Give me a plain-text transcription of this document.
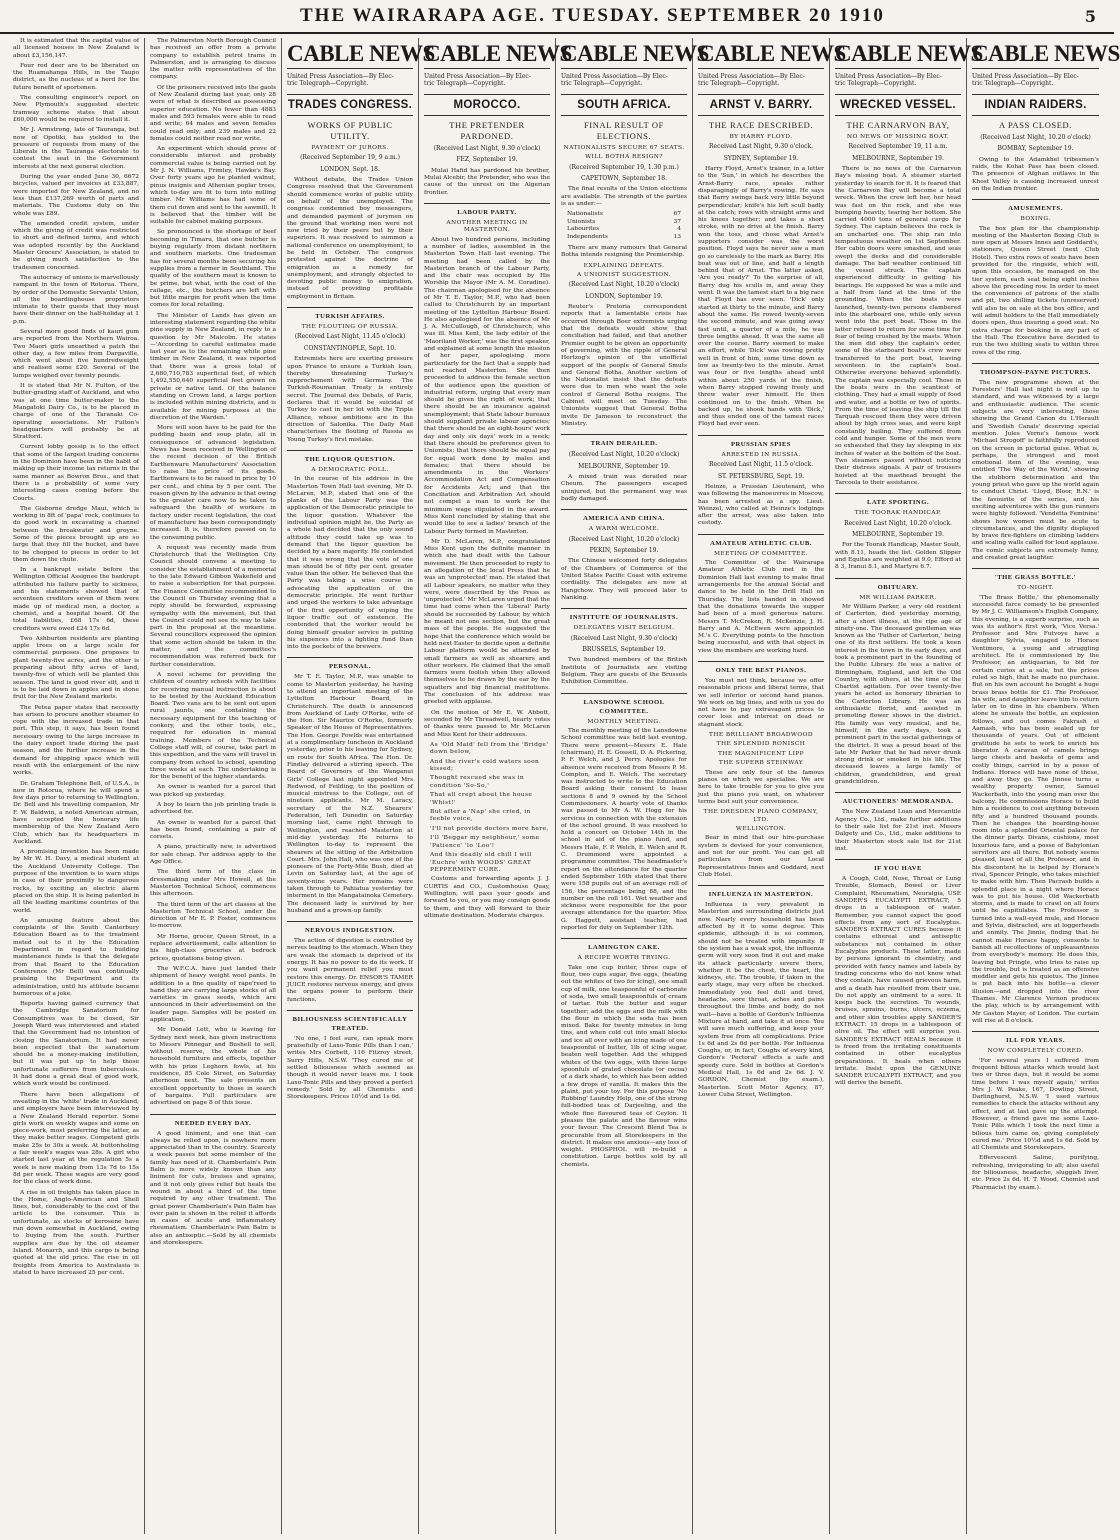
THE WAIRARAPA AGE. TUESDAY. SEPTEMBER 20 1910	5

It is estimated that the capital value of all licensed houses in New Zealand is about £3,156,147.

Four red deer are to be liberated on the Ruamahanga Hills, in the Taupo district, as the nucleus of a herd for the future benefit of sportsmen.

The consulting engineer's report on New Plymouth's suggested electric tramway scheme states that about £60,000 would be required to install it.

Mr J. Armstrong, late of Tauranga, but now of Opotiki, has yielded to the pressure of requests from many of the Liberals in the Tauranga electorate to contest the seat in the Government interests at the next general election.

During the year ended June 30, 6672 bicycles, valued per invoices at £33,887, were imported for New Zealand, and no less than £137,269 worth of parts and materials. The Customs duty on the whole was £89.

The amended credit system, under which the giving of credit was restricted to short and defined terms, and which was adopted recently by the Auckland Master Grocers' Association, is stated to be giving much satisfaction to the tradesmen concerned.

The autocracy of unions is marvellously rampant in the town of Rotorua. There, by order of the Domestic Servants' Union, all the boardinghouse proprietors intimate to their guests that they must have their dinner on the half-holiday at 1 p.m.

Several more good finds of kauri gum are reported from the Northern Wairoa. Two Maori girls unearthed a patch the other day, a few miles from Dargaville, which went about five hundredweight and realised some £20. Several of the lumps weighed over twenty pounds.

It is stated that Mr N. Fulton, of the butter-grading staff of Auckland, and who was at one time butter-maker to the Mangatoki Dairy Co., is to be placed in charge of one of the Taranaki Co-operating associations. Mr Fulton's headquarters will probably be at Stratford.

Current lobby gossip is to the effect that some of the largest trading concerns in the Dominion have been in the habit of making up their income tax returns in the same manner as Bowron Bros., and that there is a probability of some very interesting cases coming before the Courts.

The Gisborne dredge Maui, which is working in 8ft of 'papa' rock, continues to do good work in excavating a channel between the breakwater and groyne. Some of the pieces brought up are so large that they fill the bucket, and have to be chopped to pieces in order to let them down the chute.

In a bankrupt estate before the Wellington Official Assignee the bankrupt attributed his failure partly to sickness, and his statements showed that of seventeen creditors seven of them were made up of medical men, a doctor, a chemist, and a hospital board. Of the total liabilities, £68 17s 6d, these creditors were owed £24 17s 6d.

Two Ashburton residents are planting apple trees on a large scale for commercial purposes. One proposes to plant twenty-five acres, and the other is preparing about fifty acres of land, twenty-five of which will be planted this season. The land is good river silt, and it is to be laid down in apples and in stone fruit for the New Zealand markets.

The Petea paper states that necessity has arisen to procure another steamer to cope with the increased trade in that port. This step, it says, has been found necessary owing to the large increase in the dairy export trade during the past season, and the further increase in the demand for shipping space which will result with the enlargement of the new works.

Dr. Graham Telephone Bell, of U.S.A., is now in Rotorua, where he will spend a few days prior to returning to Wellington. Dr. Bell and his travelling companion, Mr F. W. Baldwin, a noted American airman, have accepted the honorary life membership of the New Zealand Aero Club, which has its headquarters in Auckland.

A promising invention has been made by Mr W. H. Davy, a medical student at the Auckland University College. The purpose of the invention is to warn ships in case of their proximity to dangerous rocks, by exciting an electric alarm placed on the ship. It is being patented in all the leading maritime countries of the world.

An amusing feature about the complaints of the South Canterbury Education Board as to the treatment meted out to it by the Education Department in regard to building maintenance funds is that the delegate from that Board to the Education Conference (Mr Bell) was continually praising the Department and its administration, until his attitude became humorous of a joke.

Reports having gained currency that the Cambridge Sanatorium for Consumptives was to be closed, Sir Joseph Ward was interviewed and stated that the Government had no intention of closing the Sanatorium. It had never been expected that the sanatorium should be a money-making institution, but it was put up to help those unfortunate sufferers from tuberculosis. It had done a great deal of good work, which work would be continued.

There have been allegations of sweating in the 'white' trade in Auckland, and employers have been interviewed by a New Zealand Herald reporter. Some girls work on weekly wages and some on piece-work, most preferring the latter, as they make better wages. Competent girls make 25s to 30s a week. At buttonholing a fair week's wages was 28s. A girl who started last year at the regulation 5s a week is now making from 13s 7d to 15s 8d per week. These wages are very good for the class of work done.

A rise in oil freights has taken place in the Home, Anglo-American and Shell lines, but, considerably to the cost of the article to the consumer. This is unfortunate, as stocks of kerosene have run down somewhat in Auckland, owing to buying from the south. Further supplies are due by the oil steamer Island. Monarch, and this cargo is being quoted at the old price. The rise in oil freights from America to Australasia is stated to have increased 25 per cent.

The Palmerston North Borough Council has received an offer from a private company to establish petrol trams in Palmerston, and is arranging to discuss the matter with representatives of the company.

Of the prisoners received into the gaols of New Zealand during last year, only 28 were of what is described as possessing superior education. No fewer than 4883 males and 593 females were able to read and write; 64 males and seven females could read only; and 239 males and 22 females could neither read nor write.

An experiment which should prove of considerable interest and probably commercial value is being carried out by Mr J. N. Williams, Frimley, Hawke's Bay. Over forty years ago he planted walnut, pinus insignis and Athenian poplar trees, which to-day are fit to turn into milling timber. Mr Williams has had some of them cut down and sent to the sawmill. It is believed that the timber will be suitable for cabinet making purposes.

So pronounced is the shortage of beef becoming in Timaru, that one butcher is buying regularly from distant northern and southern markets. One tradesman has for several months been securing his supplies from a farmer in Southland. The quality of the southern meat is known to be prime, but what, with the cost of the railage, etc., the butchers are left with but little margin for profit when the time comes for local retailing.

The Minister of Lands has given an interesting statement regarding the white pine supply in New Zealand, in reply to a question by Mr Malcolm. He states—'According to careful estimates made last year as to the remaining white pine timber in New Zealand, it was reported that there was a gross total of 2,680,710,783 superficial feet, of which 1,492,550,640 superficial feet grown on private or native land. Of the balance standing on Crown land, a large portion is included within mining districts, and is available for mining purposes at the discretion of the Warden.'

More will soon have to be paid for the pudding basin and soup plate, all in consequence of advanced legislation. News has been received in Wellington of the recent decision of the British Earthenware Manufacturers' Association to raise the price of its goods. Earthenware is to be raised in price by 10 per cent., and china by 5 per cent. The reason given by the advance is that owing to the greater care now to be taken to safeguard the health of workers in factory under recent legislation, the cost of manufacture has been correspondingly increased. It is, therefore passed on to the consuming public.

A request was recently made from Christchurch that the Wellington City Council should convene a meeting to consider the establishment of a memorial to the late Edward Gibbon Wakefield and to raise a subscription for that purpose. The Finance Committee recommended to the Council on Thursday evening that a reply should be forwarded, expressing sympathy with the movement, but that the Council could not see its way to take part in the proposal at the meantime. Several councillors expressed the opinion that some action should be taken in the matter, and the committee's recommendation was referred back for further consideration.

A novel scheme for providing the children of country schools with facilities for receiving manual instruction is about to be tested by the Auckland Education Board. Two vans are to be sent out upon rural jaunts, one containing the necessary equipment for the teaching of cookery, and the other tools, etc., required for education in manual training. Members of the Technical College staff will, of course, take part in this expedition, and the vans will travel in company from school to school, spending three weeks at each. The undertaking is for the benefit of the higher standards.

An owner is wanted for a parcel that was picked up yesterday.

A boy to learn the job printing trade is advertised for.

An owner is wanted for a parcel that has been found, containing a pair of corsets.

A piano, practically new, is advertised for sale cheap. For address apply to the Age Office.

The third term of the class in dressmaking under Mrs Howell, at the Masterton Technical School, commences this afternoon.

The third term of the art classes at the Masterton Technical School, under the direction of Mr E. P. Foster, commences to-morrow.

Mr Horne, grocer, Queen Street, in a replace advertisement, calls attention to his high-class groceries at bedrock prices, quotations being given.

The W.F.C.A. have just landed their shipment of heavy weight wool pants. In addition to a fine quality of rape'reed to hand they are carrying large stocks of all varieties in grass seeds, which are announced in their advertisement on the leader page. Samples will be posted on application.

Mr Donald Lett, who is leaving for Sydney next week, has given instructions to Messrs Pinnegar and Bushell to sell, without reserve, the whole of his household furniture and effects, together with his prize Leghorn fowls, at his residence, 85 Cole Street, on Saturday afternoon next. The sale presents an excellent opportunity to those in search of bargains. Full particulars are advertised on page 8 of this issue.

NEEDED EVERY DAY.

A good liniment, and one that can always be relied upon, is nowhere more appreciated than in the country. Scarcely a week passes but some member of the family has need of it. Chamberlain's Pain Balm is more widely known than any liniment for cuts, bruises and sprains, and it not only gives relief but heals the wound in about a third of the time required by any other treatment. The great power Chamberlain's Pain Balm has over pain is shown in the relief it affords in cases of acute and inflammatory rheumatism. Chamberlain's Pain Balm is also an antiseptic.—Sold by all chemists and storekeepers.

CABLE NEWS

United Press Association—By Elec-

tric Telegraph—Copyright.

TRADES CONGRESS.
WORKS OF PUBLIC UTILITY.
PAYMENT OF JURORS.
(Received September 19, 9 a.m.)
LONDON, Sept. 18.

Without debate, the Trades Union Congress resolved that the Government should commence works of public utility on behalf of the unemployed. The congress condemned boy messengers, and demanded payment of jurymen on the ground that working men were not now tried by their peers but by their superiors. It was resolved to summon a national conference on unemployment, to be held in October. The congress protested against the doctrine of emigration as a remedy for unemployment, and strongly objected to devoting public money to emigration, instead of providing profitable employment in Britain.

TURKISH AFFAIRS.
THE FLOUTING OF RUSSIA.
(Received Last Night, 11.45 o'clock)
CONSTANTINOPLE, Sept. 10.

Extremists here are exerting pressure upon France to ensure a Turkish loan, thereby threatening Turkey's rapprochement with Germany. The Turkish-Roumanian Treaty is entirely secret. The Journal des Debats, of Paris, declares that it would be suicidal of Turkey to cast in her lot with the Triple Alliance, whose ambitions are in the direction of Salonika. The Daily Mail characterises the flouting of Russia as Young Turkey's first mistake.

THE LIQUOR QUESTION.
A DEMOCRATIC POLL.

In the course of his address in the Masterton Town Hall last evening, Mr D. McLaren, M.P., stated that one of the planks of the Labour Party was the application of the Democratic principle to the liquor question. Whatever the individual opinion might be, the Party as a whole had decided that the only sound attitude they could take up was to demand that the liquor question be decided by a bare majority. He contended that it was wrong that the vote of one man should be of fifty per cent. greater value than the other. He believed that the Party was taking a wise course in advocating the application of the democratic principle. He went further and urged the workers to take advantage of the first opportunity of wiping the liquor traffic out of existence. He contended that the worker would be doing himself greater service in putting his sixpences into a fighting fund than into the pockets of the brewers.

PERSONAL.

Mr T. E. Taylor, M.P., was unable to come to Masterton yesterday, he having to attend an important meeting of the Lyttelton Harbour Board, in Christchurch. The death is announced from Auckland of Lady O'Rorke, wife of the Hon. Sir Maurice O'Rorke, formerly Speaker of the House of Representatives. The Hon. George Fowlds was entertained at a complimentary luncheon in Auckland yesterday, prior to his leaving for Sydney, en route for South Africa. The Hon. Dr. Findlay delivered a stirring speech. The Board of Governors of the Wanganui Girls' College last night appointed Mrs Redwood, of Feilding, to the position of musical mistress to the College, out of nineteen applicants. Mr M. Laracy, secretary of the N.Z. Shearers' Federation, left Dunedin on Saturday morning last, came right through to Wellington, and reached Masterton at mid-day yesterday. He returns to Wellington to-day to represent the shearers at the sitting of the Arbitration Court. Mrs. John Hall, who was one of the pioneers of the Forty-Mile Bush, died at Levin on Saturday last, at the age of seventy-nine years. Her remains were taken through to Pahiatua yesterday for interment in the Mangatainoka Cemetery. The deceased lady is survived by her husband and a grown-up family.

NERVOUS INDIGESTION.

The action of digestion is controlled by nerves leading to the stomach. When they are weak the stomach is deprived of its energy. It has no power to do its work. If you want permanent relief you must restore this energy. Dr. ENSOR'S TAMER JUICE restores nervous energy, and gives the organs power to perform their functions.

BILIOUSNESS SCIENTIFICALLY TREATED.

'No one, I feel sure, can speak more praisefully of Laxo-Tonic Pills than I can,' writes Mrs Corbett, 116 Fitzroy street, Surry Hills, N.S.W. 'They cured me of settled biliousness which seemed as though it would never leave me. I took Laxo-Tonic Pills and they proved a perfect remedy.' Sold by all Chemists and Storekeepers. Prices 10½d and 1s 6d.

CABLE NEWS

United Press Association—By Elec-

tric Telegraph—Copyright.

MOROCCO.
THE PRETENDER PARDONED.
(Received Last Night, 9.30 o'clock)
FEZ, September 19.

Mulai Hafid has pardoned his brother, Mulai Alcebir, the Pretender, who was the cause of the unrest on the Algerian frontier.

LABOUR PARTY.
ANOTHER MEETING IN MASTERTON.

About two hundred persons, including a number of ladies, assembled in the Masterton Town Hall last evening. The meeting had been called by the Masterton branch of the Labour Party, and the chair was occupied by His Worship the Mayor (Mr A. M. Coradine). The chairman apologised for the absence of Mr T. E. Taylor, M.P., who had been called to Christchurch by an important meeting of the Lyttelton Harbour Board. He also apologised for the absence of Mr J. A. McCullough, of Christchurch, who was ill. Miss Kent, the lady editor of the 'Maoriland Worker,' was the first speaker, and explained at some length the mission of her paper, apologising more particularly for the fact that a supply had not reached Masterton. She then proceeded to address the female section of the audience upon the question of industrial reform, urging that every man should be given the right of work; that there should be an insurance against unemployment; that State labour bureaux should supplant private labour agencies; that there should be an eight-hours' work day and only six days' work in a week; that there should be preference given to Unionists; that there should be equal pay for equal work done by males and females; that there should be amendments in the Workers' Accommodation Act and Compensation for Accidents Act; and that the Conciliation and Arbitration Act should not compel a man to work for the minimum wage stipulated in the award. Miss Kent concluded by stating that she would like to see a ladies' branch of the Labour Party formed in Masterton.

Mr D. McLaren, M.P., congratulated Miss Kent upon the definite manner in which she had dealt with the Labour movement. He then proceeded to reply to an allegation of the local Press that he was an 'unprotected' man. He stated that all Labour speakers, no matter who they were, were described by the Press as 'unprotected.' Mr McLaren urged that the time had come when the 'Liberal' Party should be succeeded by Labour, by which he meant not one section, but the great mass of the people. He suggested the hope that the conference which would be held next Easter to decide upon a definite Labour platform would be attended by small farmers as well as shearers and other workers. He claimed that the small farmers were foolish when they allowed themselves to be drawn by the ear by the squatters and big financial institutions. The conclusion of his address was greeted with applause.

On the motion of Mr E. W. Abbott, seconded by Mr Threadwell, hearty votes of thanks were passed to Mr McLaren and Miss Kent for their addresses.

As 'Old Maid' fell from the 'Bridge' down below,
And the river's cold waters soon kissed;
Thought rescued she was in condition 'So-So,'
That all crept about the house 'Whist!'
But after a 'Nap' she cried, in feeble voice,
'I'll not provide doctors more here,
I'll 'Beggar my neighbour,' some 'Patience' 'lo 'Loo'!
And this deadly old chill I will 'Euchre' with WOODS' GREAT PEPPERMINT CURE.

Customs and forwarding agents J. J. CURTIS and CO., Customhouse Quay, Wellington, will pass your goods and forward to you, or you may consign goods to them, and they will forward to their ultimate destination. Moderate charges.

CABLE NEWS

United Press Association—By Elec-

tric Telegraph—Copyright.

SOUTH AFRICA.
FINAL RESULT OF ELECTIONS.
NATIONALISTS SECURE 67 SEATS.
WILL BOTHA RESIGN?
(Received September 19, 1.30 p.m.)
CAPETOWN, September 18.

The final results of the Union elections are available. The strength of the parties is as under:—

Nationalists	67
Unionists	37
Labourites	4
Independents	13

There are many rumours that General Botha intends resigning the Premiership.

EXPLAINING DEFEATS.
A UNIONIST SUGGESTION.
(Received Last Night, 10.20 o'clock)
LONDON, September 19.

Reuter's Pretoria correspondent reports that a lamentable crisis has occurred through Boer extremists urging that the defeats would show that conciliation had failed, and that another Premier ought to be given an opportunity of governing, with the ripple of General Hertzog's opinion of the unofficial support of the people of General Smuts and General Botha. Another section of the Nationalist insist that the defeats were due to men who want the sole control if General Botha resigns. The Cabinet will meet on Tuesday. The Unionists suggest that General Botha invite Dr Jameson to reconstruct the Ministry.

TRAIN DERAILED.
(Received Last Night, 10.20 o'clock)
MELBOURNE, September 19.

A mixed train was derailed near Cheum. The passengers escaped uninjured, but the permanent way was badly damaged.

AMERICA AND CHINA.
A WARM WELCOME.
(Received Last Night, 10.20 o'clock)
PEKIN, September 19.

The Chinese welcomed forty delegates of the Chambers of Commerce of the United States Pacific Coast with extreme cordiality. The delegates are now at Hangchow. They will proceed later to Nanking.

INSTITUTE OF JOURNALISTS.
DELEGATES VISIT BELGIUM.
(Received Last Night, 9.30 o'clock)
BRUSSELS, September 19.

Two hundred members of the British Institute of Journalists are visiting Belgium. They are guests of the Brussels Exhibition Committee.

LANSDOWNE SCHOOL COMMITTEE.
MONTHLY MEETING.

The monthly meeting of the Lansdowne School committee was held last evening. There were present—Messrs E. Hale (chairman), H. E. Gossell, D. A. Pickering, P. F. Welch, and J. Perry. Apologies for absence were received from Messrs P. M. Compton, and E. Welch. The secretary was instructed to write to the Education Board asking their consent to lease sections 8 and 9 owned by the School Commissioners. A hearty vote of thanks was passed to Mr A. W. Hogg for his services in connection with the extension of the school ground. It was resolved to hold a concert on October 14th in the school in aid of the piano fund, and Messrs Hale, F. P. Welch, E. Welch and R. C. Drummond were appointed a programme committee. The headmaster's report on the attendance for the quarter ended September 16th stated that there were 158 pupils out of an average roll of 156, the percentage being 88, and the number on the roll 161. Wet weather and sickness were responsible for the poor average attendance for the quarter. Miss G. Haggett, assistant teacher, had reported for duty on September 12th.

LAMINGTON CAKE.
A RECIPE WORTH TRYING.

Take one cup butter, three cups of flour, two cups sugar, five eggs, (beating out the whites of two for icing), one small cup of milk, one teaspoonful of carbonate of soda, two small teaspoonfuls of cream of tartar. Rub the butter and sugar together; add the eggs and the milk with the flour in which the soda has been mixed. Bake for twenty minutes in long tins, and when cold cut into small blocks and ice all over with an icing made of one teaspoonful of butter, 1lb of icing sugar, beaten well together. Add the whipped whites of the two eggs, with three large spoonfuls of grated chocolate (or cocoa) of a dark shade, to which has been added a few drops of vanilla. It makes this the plaint, put your toy. For this purpose 'No Rubbing' Laundry Help, one of the strong full-bodied teas of Darjeeling, and the whole fine flavoured teas of Ceylon. It pleases the palate and the flavour wins your favour. The Crescent Blend Tea is procurable from all Storekeepers in the district. It makes one anxious—any loss of weight. PHOSPHOL will re-build a constitution. Large bottles sold by all chemists.

CABLE NEWS

United Press Association—By Elec-

tric Telegraph—Copyright.

ARNST V. BARRY.
THE RACE DESCRIBED.
BY HARRY FLOYD.
Received Last Night, 9.30 o'clock.
SYDNEY, September 19.

Harry Floyd, Arnst's trainer, in a letter to the 'Sun,' in which he describes the Arnst-Barry race, speaks rather disparagingly of Barry's rowing. He says that Barry swings back very little beyond perpendicular; knife's his left scull badly at the catch; rows with straight arms and his knees together; and takes a short stroke, with no drive at the finish. Barry won the toss, and chose what Arnst's supporters consider was the worst position. Floyd says he never saw a man go so carelessly to the mark as Barry. His boat was out of line, and half a length behind that of Arnst. The latter asked, 'Are you ready?' To the surprise of all, Barry dug his sculls in, and away they went. It was the tamest start to a big race that Floyd has ever seen. 'Dick' only started at thirty to the minute, and Barry about the same. He rowed twenty-seven the second minute, and was going away fast until, a quarter of a mile, he was three lengths ahead. It was the same all over the course. Barry seemed to make an effort, while 'Dick' was rowing pretty well in front of him, some time down as low as twenty-two to the minute. Arnst was four or five lengths ahead until within about 250 yards of the finish, when Barry stopped rowing freely and threw water over himself. He then continued on to the finish. When he backed up, he shook hands with 'Dick,' and thus ended one of the tamest races Floyd had ever seen.

PRUSSIAN SPIES
ARRESTED IN RUSSIA.
Received Last Night, 11.5 o'clock.
ST. PETERSBURG, Sept. 19.

Heinze, a Prussian Lieutenant, who was following the manoeuvres in Moscow, has been arrested as a spy. Lieut. Weinzel, who called at Heinze's lodgings after the arrest, was also taken into custody.

AMATEUR ATHLETIC CLUB.
MEETING OF COMMITTEE.

The Committee of the Wairarapa Amateur Athletic Club met in the Dominion Hall last evening to make final arrangements for the annual Social and dance to be held in the Drill Hall on Thursday. The lists handed in showed that the donations towards the supper had been of a most generous nature. Messrs T. McCreken, R. McKenzie, J. H. Barry and A. McEwen were appointed M.'s C. Everything points to the function being successful, and with that object in view the members are working hard.

ONLY THE BEST PIANOS.

You must not think, because we offer reasonable prices and liberal terms, that we sell inferior or second hand pianos. We work on big lines, and with us you do not have to pay extravagant prices to cover loss and interest on dead or stagnant stock.

THE BRILLIANT BROADWOOD
THE SPLENDID RONISCH
THE MAGNIFICENT LIPP
THE SUPERB STEINWAY

These are only four of the famous pianos on which we specialise. We are here to take trouble for you to give you just the piano you want, on whatever terms best suit your convenience.

THE DRESDEN PIANO COMPANY, LTD.
WELLINGTON.

Bear in mind that our hire-purchase system is devised for your convenience, and not for our profit. You can get all particulars from our Local Representatives Innes and Goddard, next Club Hotel.

INFLUENZA IN MASTERTON.

Influenza is very prevalent in Masterton and surrounding districts just now. Nearly every household has been affected by it to some degree. This epidemic, although it is so common, should not be treated with impunity. If the system has a weak spot, the influenza germ will very soon find it out and make its attack particularly severe there, whether it be the chest, the heart, the kidneys, etc. The trouble, if taken in the early stage, may very often be checked. Immediately you feel dull and tired, headache, sore throat, aches and pains throughout the limbs and body, do not wait—have a bottle of Gordon's Influenza Mixture at hand, and take it at once. You will save much suffering, and keep your system free from all complications. Price 1s 6d and 2s 6d per bottle. For Influenza Coughs, or, in fact, Coughs of every kind, Gordon's 'Pectoral' effects a safe and speedy cure. Sold in bottles at Gordon's Medical Hall, 1s 6d and 2s 6d. J. V. GORDON, Chemist (by exam.), Masterton. Scott Motor Agency, 87, Lower Cuba Street, Wellington.

CABLE NEWS

United Press Association—By Elec-

tric Telegraph—Copyright.

WRECKED VESSEL.
THE CARNARVON BAY,
NO NEWS OF MISSING BOAT.
Received September 19, 11 a.m.
MELBOURNE, September 19.

There is no news of the Carnarvon Bay's missing boat. A steamer started yesterday to search for it. It is feared that the Carnarvon Bay will become a total wreck. When the crew left her, her head was fast on the rock, and she was bumping heavily, tearing her bottom. She carried 4000 tons of general cargo for Sydney. The captain believes the rock is an uncharted one. The ship ran into tempestuous weather on 1st September. Her cabin doors were smashed, and seas swept the decks and did considerable damage. The bad weather continued till the vessel struck. The captain experienced difficulty in getting his bearings. He supposed he was a mile and a half from land at the time of the grounding. When the boats were launched, twenty-two persons clambered into the starboard one, while only seven went into the port boat. Those in the latter refused to return for some time for fear of being crushed by the masts. When the men did obey the captain's order, some of the starboard boat's crew were transferred to the port boat, leaving seventeen in the captain's boat. Otherwise everyone behaved splendidly. The captain was especially cool. Those in the boats were in the scantiest of clothing. They had a small supply of food and water, and a bottle or two of spirits. From the time of leaving the ship till the Tarquah rescued them they were driven about by high cross seas, and were kept constantly bailing. They suffered from cold and hunger. Some of the men were so exhausted that they lay sleeping in six inches of water at the bottom of the boat. Two steamers passed without noticing their distress signals. A pair of trousers hoisted at the masthead brought the Tarcoola to their assistance.

LATE SPORTING.
THE TOORAK HANDICAP.
Received Last Night, 10.20 o'clock.
MELBOURNE, September 19.

For the Toorak Handicap, Master Soult, with 8.11, heads the list. Golden Slipper and Equitas are weighted at 9.0, Efford at 8 3, Iranui 8.1, and Martyre 6.7.

OBITUARY.
MR WILLIAM PARKER.

Mr William Parker, a very old resident of Carterton, died yesterday morning, after a short illness, at the ripe age of ninety-one. The deceased gentleman was known as the 'Father of Carterton,' being one of its first settlers. He took a keen interest in the town in its early days, and took a prominent part in the founding of the Public Library. He was a native of Birmingham, England, and left the Old Country, with others, at the time of the Chartist agitation. For over twenty-five years he acted as honorary librarian to the Carterton Library. He was an enthusiastic florist, and assisted in promoting flower shows in the district. His family was very musical, and he, himself, in the early days, took a prominent part in the social gatherings of the district. It was a proud boast of the late Mr Parker that he had never drunk strong drink or smoked in his life. The deceased leaves a large family of children, grandchildren, and great grandchildren.

AUCTIONEERS' MEMORANDA.

The New Zealand Loan and Mercantile Agency Co., Ltd., make further additions to their sale list for 21st inst. Messrs Dalgety and Co., Ltd., make additions to their Masterton stock sale list for 21st inst.

IF YOU HAVE

A Cough, Cold, Nose, Throat or Lung Trouble, Stomach, Bowel or Liver Complaint, Rheumatism, Neuralgia, USE SANDER'S EUCALYPTI EXTRACT; 5 drops in a tablespoon of water. Remember, you cannot expect the good effects from any sort of Eucalyptus. SANDER'S EXTRACT CURES because it contains ethereal and antiseptic substances not contained in other Eucalyptus products. These latter, made by persons ignorant in chemistry, and provided with fancy names and labels by trading concerns who do not know what they contain, have caused grievous harm, and a death has resulted from their use. Do not apply an ointment to a sore. It keeps back the secretion. To wounds, bruises, sprains, burns, ulcers, eczema, and other skin troubles apply SANDER'S EXTRACT: 15 drops in a tablespoon of olive oil. The effect will surprise you. SANDER'S EXTRACT HEALS because it is freed from the irritating constituents contained in other eucalyptus preparations. It heals when others irritate. Insist upon the GENUINE SANDER EUCALYPTI EXTRACT, and you will derive the benefit.

CABLE NEWS

United Press Association—By Elec-

tric Telegraph—Copyright.

INDIAN RAIDERS.
A PASS CLOSED.
(Received Last Night, 10.20 o'clock)
BOMBAY, September 19.

Owing to the Adamkhel tribesmen's raids, the Kohat Pass has been closed. The presence of Afghan outlaws in the Khost Valley is causing increased unrest on the Indian frontier.

AMUSEMENTS.
BOXING.

The box plan for the championship meeting of the Masterton Boxing Club is now open at Messrs Innes and Goddard's, stationers, Queen Street (next Club Hotel). Two extra rows of seats have been provided for the ringside, which will, upon this occasion, be managed on the tier system, each seat being eight inches above the preceding row. In order to meet the convenience of patrons of the stalls and pit, two shilling tickets (unreserved) will also be on sale at the box office, and will admit holders to the Hall immediately doors open, thus insuring a good seat. No extra charge for booking in any part of the Hall. The Executive have decided to run the two shilling seats to within three rows of the ring.

THOMPSON-PAYNE PICTURES.

The new programme shown at the Foresters' Hall last night is well up to standard, and was witnessed by a large and enthusiastic audience. The scenic subjects are very interesting, those showing the Grand Canon du L'Herault and 'Swedish Canals' deserving special mention. Jules Verne's famous work 'Michael Strogoff' is faithfully reproduced on the screen in pictorial guise. What is, perhaps, the strongest and most emotional item of the evening, was entitled 'The Way of the World,' showing the stubborn determination and the young priest who gave up the world again to conduct Christ. 'Lloyd, Bloor, R.N.' is the favourite of the series, and his exciting adventures with the gun runners were highly followed. 'Vendetta Feminine' shows how women must be acute to circumstances, and the dignity displayed by brave fire-fighters on climbing ladders and scaling walls called for loud applause. The comic subjects are extremely funny, and created great laughter.

'THE GRASS BOTTLE.'
TO-NIGHT.

'The Brass Bottle,' the phenomenally successful farce comedy to be presented by Mr J. C. Williamson's English Company, this evening, is a superb surprise, such as was its author's first work, 'Vice Versa.' Professor and Mrs Futvoye have a daughter Sylvia, engaged to Horace Ventimore, a young and struggling architect. He is commissioned by the Professor, an antiquarian, to bid for certain curios at a sale, but the prices ruled so high, that he made no purchase. But on his own account he bought a huge brass brass bottle for £1. The Professor, his wife, and daughter leave him to return later on to dine in his chambers. When alone he unseals the bottle, an explosion follows, and out comes Fakrash el Aamash, who has been sealed up for thousands of years. Out of efficient gratitude he sets to work to enrich his liberator. A caravan of camels brings large chests and baskets of gems and costly things, carried in by a posse of Indians. Horace will have none of these, and away they go. The Jinnee turns a wealthy property owner, Samuel Wackerbath, into the young man over the balcony. He commissions Horace to build him a residence to cost anything between fifty and a hundred thousand pounds. Then he changes the boarding-house room into a splendid Oriental palace for the dinner party. Divans, cushions, most luxurious fare, and a posse of Babylonian servitors are all there. But nobody seems pleased, least of all the Professor, and in his discontent he is helped by Horace's rival, Spencer Pringle, who takes mischief to make with him. Then Pacrash builds a splendid place in a night where Horace was to put his house. Old Wackerbath storms, and is made to crawl on all fours until he capitulates. The Professor is turned into a wall-eyed mule, and Horace and Sylvia, distracted, are at loggerheads and enmity. The Jinnie, finding that he cannot make Horace happy, consents to banish all recollections of unpleasantness from everybody's memory. He does this, leaving but Pringle, who tries to raise up the trouble, but is treated as an offensive meddler and gets his quietus. The Jinnee is put back into his bottle—a clever illusion—and dropped into the river Thames. Mr Clarence Vernon produces the play, which is by arrangement with Mr Gaston Mayer, of London. The curtain will rise at 8 o'clock.

ILL FOR YEARS.
NOW COMPLETELY CURED.

'For several years I suffered from frequent bilious attacks which would last two or three days, but it would be some time before I was myself again,' writes Mrs J. W. Peake, 167, Dowling Street, Darlinghurst, N.S.W. 'I used various remedies to check the attacks without any effect, and at last gave up the attempt. However, a friend gave me some Laxo-Tonic Pills which I took the next time a bilious turn came on, giving completely cured me.' Price 10½d and 1s 6d. Sold by all Chemists and Storekeepers.

Effervescent Saline, purifying, refreshing, invigorating to all; also useful for biliousness, headache, sluggish liver, etc. Price 2s 6d. H. T. Wood, Chemist and Pharmacist (by exam.).
